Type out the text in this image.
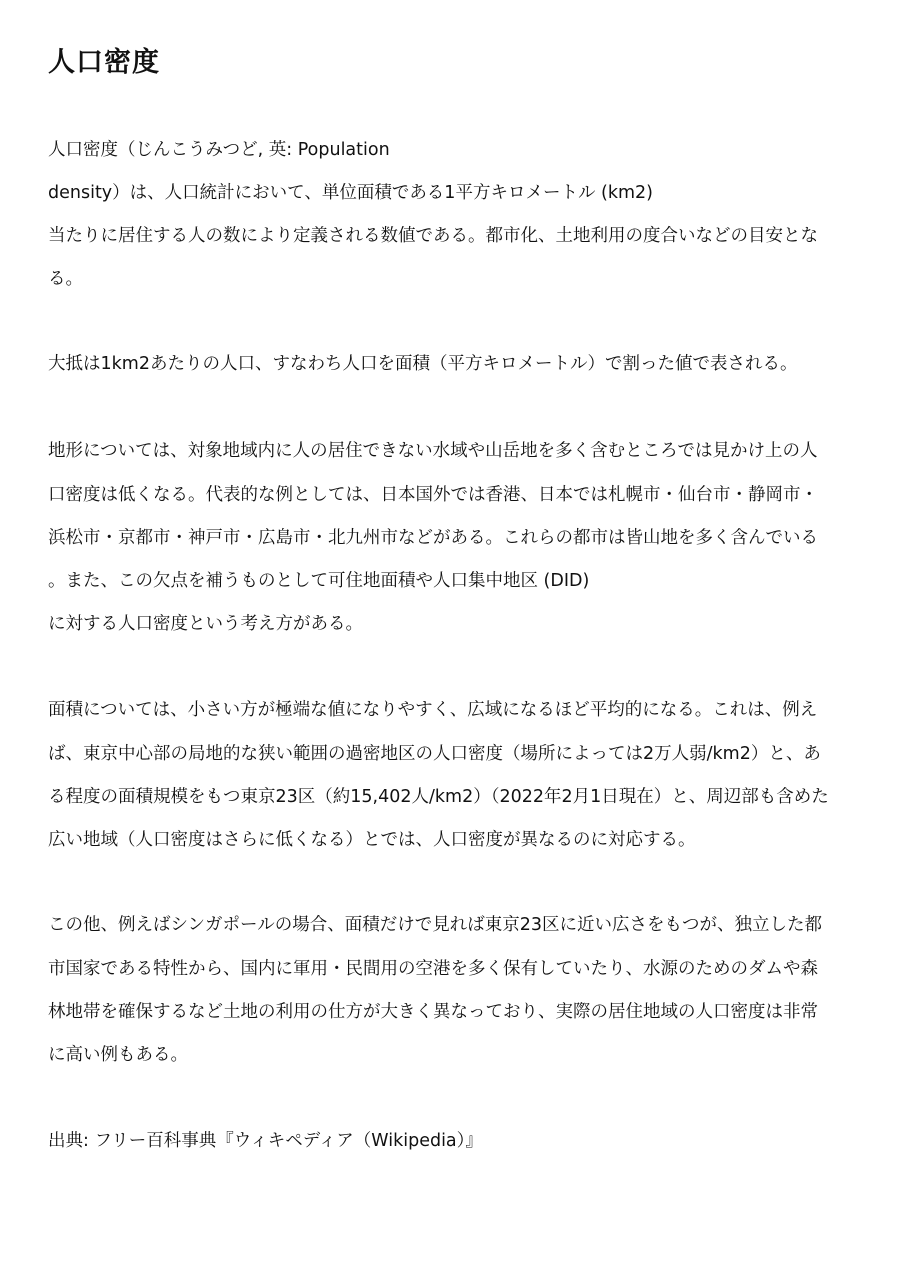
人口密度

人口密度（じんこうみつど, 英: Population

density）は、人口統計において、単位面積である1平方キロメートル (km2)

当たりに居住する人の数により定義される数値である。都市化、土地利用の度合いなどの目安とな

る。

大抵は1km2あたりの人口、すなわち人口を面積（平方キロメートル）で割った値で表される。

地形については、対象地域内に人の居住できない水域や山岳地を多く含むところでは見かけ上の人

口密度は低くなる。代表的な例としては、日本国外では香港、日本では札幌市・仙台市・静岡市・

浜松市・京都市・神戸市・広島市・北九州市などがある。これらの都市は皆山地を多く含んでいる

。また、この欠点を補うものとして可住地面積や人口集中地区 (DID)

に対する人口密度という考え方がある。

面積については、小さい方が極端な値になりやすく、広域になるほど平均的になる。これは、例え

ば、東京中心部の局地的な狭い範囲の過密地区の人口密度（場所によっては2万人弱/km2）と、あ

る程度の面積規模をもつ東京23区（約15,402人/km2）（2022年2月1日現在）と、周辺部も含めた

広い地域（人口密度はさらに低くなる）とでは、人口密度が異なるのに対応する。

この他、例えばシンガポールの場合、面積だけで見れば東京23区に近い広さをもつが、独立した都

市国家である特性から、国内に軍用・民間用の空港を多く保有していたり、水源のためのダムや森

林地帯を確保するなど土地の利用の仕方が大きく異なっており、実際の居住地域の人口密度は非常

に高い例もある。

出典: フリー百科事典『ウィキペディア（Wikipedia）』
